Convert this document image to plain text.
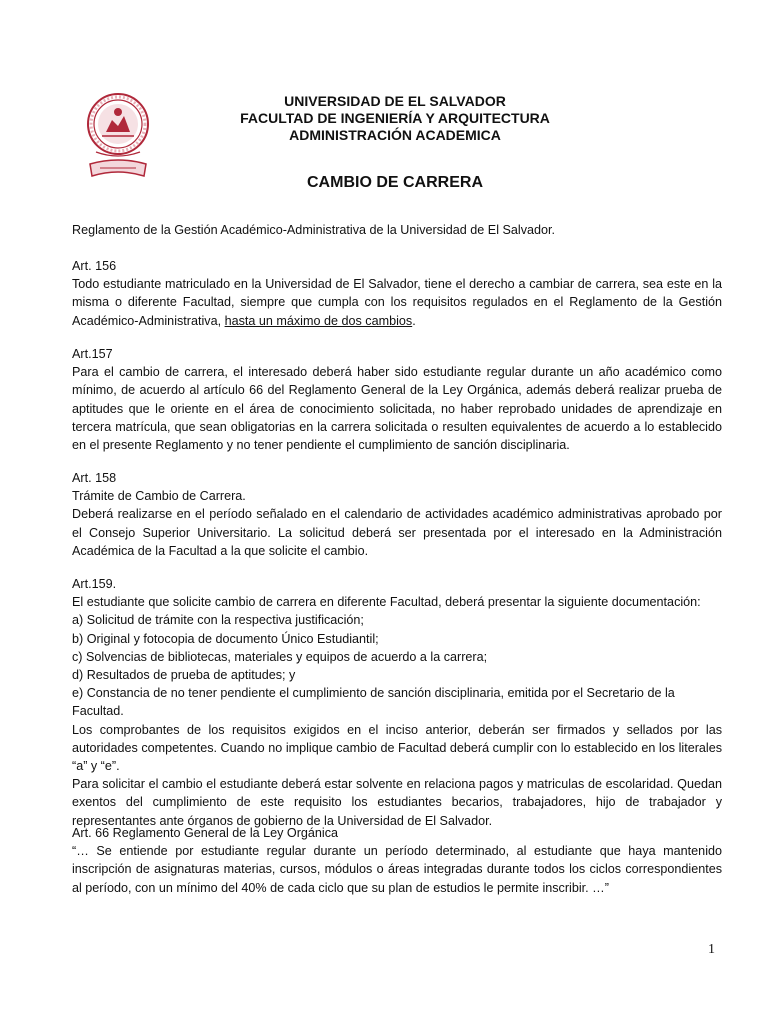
UNIVERSIDAD DE EL SALVADOR
FACULTAD DE INGENIERÍA Y ARQUITECTURA
ADMINISTRACIÓN ACADEMICA
CAMBIO DE CARRERA

Reglamento de la Gestión Académico-Administrativa de la Universidad de El Salvador.

Art. 156

Todo estudiante matriculado en la Universidad de El Salvador, tiene el derecho a cambiar de carrera, sea este en la misma o diferente Facultad, siempre que cumpla con los requisitos regulados en el Reglamento de la Gestión Académico-Administrativa, hasta un máximo de dos cambios.

Art.157

Para el cambio de carrera, el interesado deberá haber sido estudiante regular durante un año académico como mínimo, de acuerdo al artículo 66 del Reglamento General de la Ley Orgánica, además deberá realizar prueba de aptitudes que le oriente en el área de conocimiento solicitada, no haber reprobado unidades de aprendizaje en tercera matrícula, que sean obligatorias en la carrera solicitada o resulten equivalentes de acuerdo a lo establecido en el presente Reglamento y no tener pendiente el cumplimiento de sanción disciplinaria.

Art. 158

Trámite de Cambio de Carrera.

Deberá realizarse en el período señalado en el calendario de actividades académico administrativas aprobado por el Consejo Superior Universitario. La solicitud deberá ser presentada por el interesado en la Administración Académica de la Facultad a la que solicite el cambio.

Art.159.

El estudiante que solicite cambio de carrera en diferente Facultad, deberá presentar la siguiente documentación:

a) Solicitud de trámite con la respectiva justificación;

b) Original y fotocopia de documento Único Estudiantil;

c) Solvencias de bibliotecas, materiales y equipos de acuerdo a la carrera;

d) Resultados de prueba de aptitudes; y

e) Constancia de no tener pendiente el cumplimiento de sanción disciplinaria, emitida por el Secretario de la Facultad.

Los comprobantes de los requisitos exigidos en el inciso anterior, deberán ser firmados y sellados por las autoridades competentes. Cuando no implique cambio de Facultad deberá cumplir con lo establecido en los literales “a” y “e”.

Para solicitar el cambio el estudiante deberá estar solvente en relaciona pagos y matriculas de escolaridad. Quedan exentos del cumplimiento de este requisito los estudiantes becarios, trabajadores, hijo de trabajador y representantes ante órganos de gobierno de la Universidad de El Salvador.

Art. 66 Reglamento General de la Ley Orgánica

“… Se entiende por estudiante regular durante un período determinado, al estudiante que haya mantenido inscripción de asignaturas materias, cursos, módulos o áreas integradas durante todos los ciclos correspondientes al período, con un mínimo del 40% de cada ciclo que su plan de estudios le permite inscribir. …”

1
